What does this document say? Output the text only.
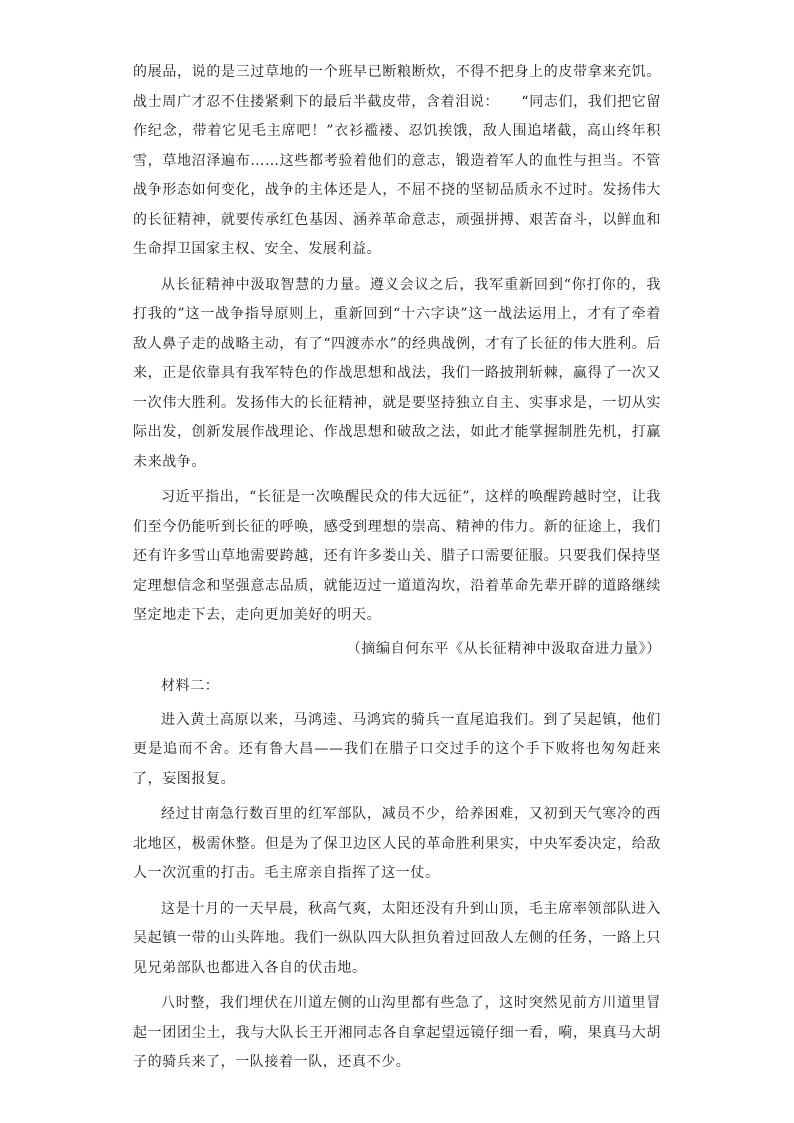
的展品，说的是三过草地的一个班早已断粮断炊，不得不把身上的皮带拿来充饥。战士周广才忍不住搂紧剩下的最后半截皮带，含着泪说：　　“同志们，我们把它留作纪念，带着它见毛主席吧！”衣衫褴褛、忍饥挨饿，敌人围追堵截，高山终年积雪，草地沼泽遍布……这些都考验着他们的意志，锻造着军人的血性与担当。不管战争形态如何变化，战争的主体还是人，不屈不挠的坚韧品质永不过时。发扬伟大的长征精神，就要传承红色基因、涵养革命意志，顽强拼搏、艰苦奋斗，以鲜血和生命捍卫国家主权、安全、发展利益。

从长征精神中汲取智慧的力量。遵义会议之后，我军重新回到“你打你的，我打我的”这一战争指导原则上，重新回到“十六字诀”这一战法运用上，才有了牵着敌人鼻子走的战略主动，有了“四渡赤水”的经典战例，才有了长征的伟大胜利。后来，正是依靠具有我军特色的作战思想和战法，我们一路披荆斩棘，赢得了一次又一次伟大胜利。发扬伟大的长征精神，就是要坚持独立自主、实事求是，一切从实际出发，创新发展作战理论、作战思想和破敌之法，如此才能掌握制胜先机，打赢未来战争。

习近平指出，“长征是一次唤醒民众的伟大远征”，这样的唤醒跨越时空，让我们至今仍能听到长征的呼唤，感受到理想的崇高、精神的伟力。新的征途上，我们还有许多雪山草地需要跨越，还有许多娄山关、腊子口需要征服。只要我们保持坚定理想信念和坚强意志品质，就能迈过一道道沟坎，沿着革命先辈开辟的道路继续坚定地走下去，走向更加美好的明天。

（摘编自何东平《从长征精神中汲取奋进力量》）

材料二：

进入黄土高原以来，马鸿逵、马鸿宾的骑兵一直尾追我们。到了吴起镇，他们更是追而不舍。还有鲁大昌——我们在腊子口交过手的这个手下败将也匆匆赶来了，妄图报复。

经过甘南急行数百里的红军部队，减员不少，给养困难，又初到天气寒冷的西北地区，极需休整。但是为了保卫边区人民的革命胜利果实，中央军委决定，给敌人一次沉重的打击。毛主席亲自指挥了这一仗。

这是十月的一天早晨，秋高气爽，太阳还没有升到山顶，毛主席率领部队进入吴起镇一带的山头阵地。我们一纵队四大队担负着过回敌人左侧的任务，一路上只见兄弟部队也都进入各自的伏击地。

八时整，我们埋伏在川道左侧的山沟里都有些急了，这时突然见前方川道里冒起一团团尘土，我与大队长王开湘同志各自拿起望远镜仔细一看，嗬，果真马大胡子的骑兵来了，一队接着一队，还真不少。
